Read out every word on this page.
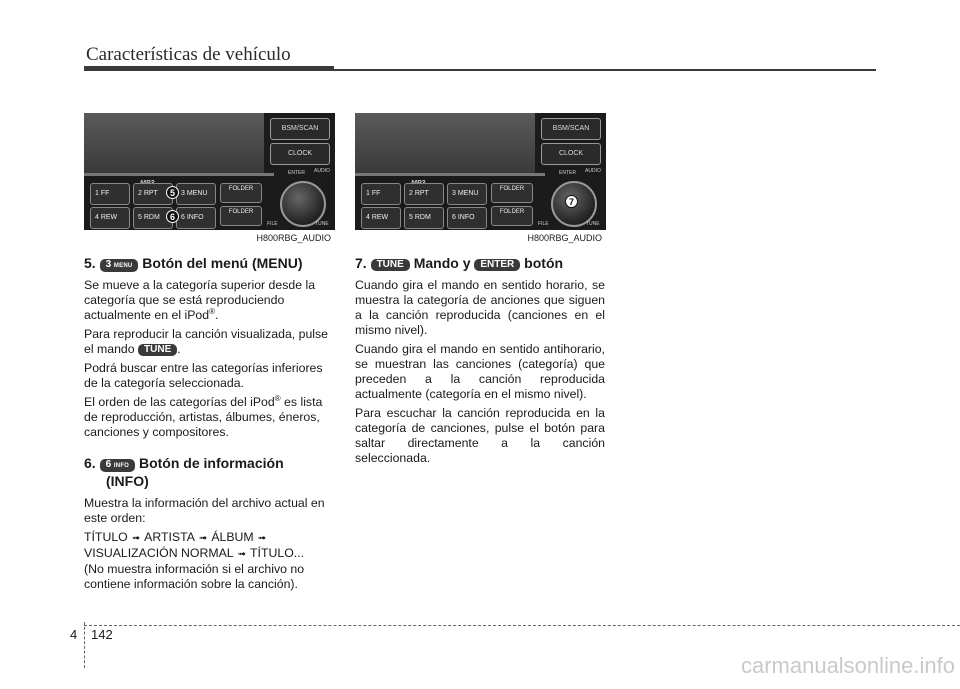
Características de vehículo
BSM/SCAN
CLOCK
1 FF	2 RPT	3 MENU
4 REW	5 RDM	6 INFO
FOLDER
FOLDER
ENTER AUDIO
FILE	TUNE
5
6
H800RBG_AUDIO
BSM/SCAN
CLOCK
1 FF	2 RPT	3 MENU
4 REW	5 RDM	6 INFO
FOLDER
FOLDER
ENTER AUDIO
FILE	TUNE
7
H800RBG_AUDIO
5. 3 MENU Botón del menú (MENU)

Se mueve a la categoría superior desde la categoría que se está reproduciendo actualmente en el iPod®.

Para reproducir la canción visualizada, pulse el mando TUNE .

Podrá buscar entre las categorías inferiores de la categoría seleccionada.

El orden de las categorías del iPod® es lista de reproducción, artistas, álbumes, éneros, canciones y compositores.

6. 6 INFO Botón de información
(INFO)

Muestra la información del archivo actual en este orden:

TÍTULO ➟ ARTISTA ➟ ÁLBUM ➟ VISUALIZACIÓN NORMAL ➟ TÍTULO...
(No muestra información si el archivo no contiene información sobre la canción).

7. TUNE Mando y ENTER botón

Cuando gira el mando en sentido horario, se muestra la categoría de anciones que siguen a la canción reproducida (canciones en el mismo nivel).

Cuando gira el mando en sentido antihorario, se muestran las canciones (categoría) que preceden a la canción reproducida actualmente (categoría en el mismo nivel).

Para escuchar la canción reproducida en la categoría de canciones, pulse el botón para saltar directamente a la canción seleccionada.

4 142
carmanualsonline.info
